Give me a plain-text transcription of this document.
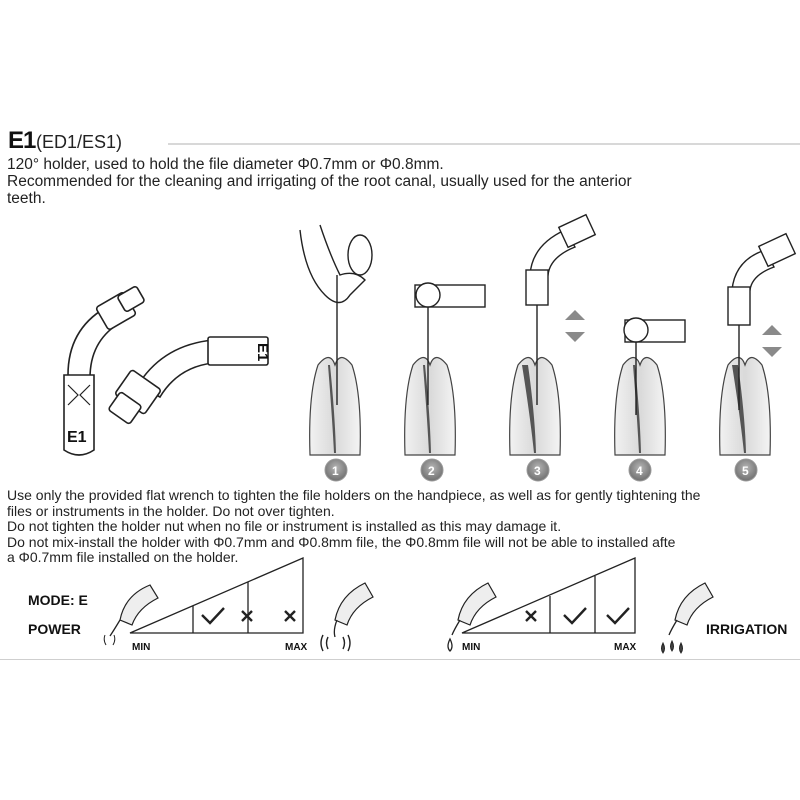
E1 (ED1/ES1)
120° holder, used to hold the file diameter Φ0.7mm or Φ0.8mm.
Recommended for the cleaning and irrigating of the root canal, usually used for the anterior
teeth.
E1
E1
1	2	3	4	5
Use only the provided flat wrench to tighten the file holders on the handpiece, as well as for gently tightening the
files or instruments in the holder. Do not over tighten.
Do not tighten the holder nut when no file or instrument is installed as this may damage it.
Do not mix-install the holder with Φ0.7mm and Φ0.8mm file, the Φ0.8mm file will not be able to installed afte
a Φ0.7mm file installed on the holder.
MODE: E
POWER	IRRIGATION
MIN	MAX	MIN	MAX
